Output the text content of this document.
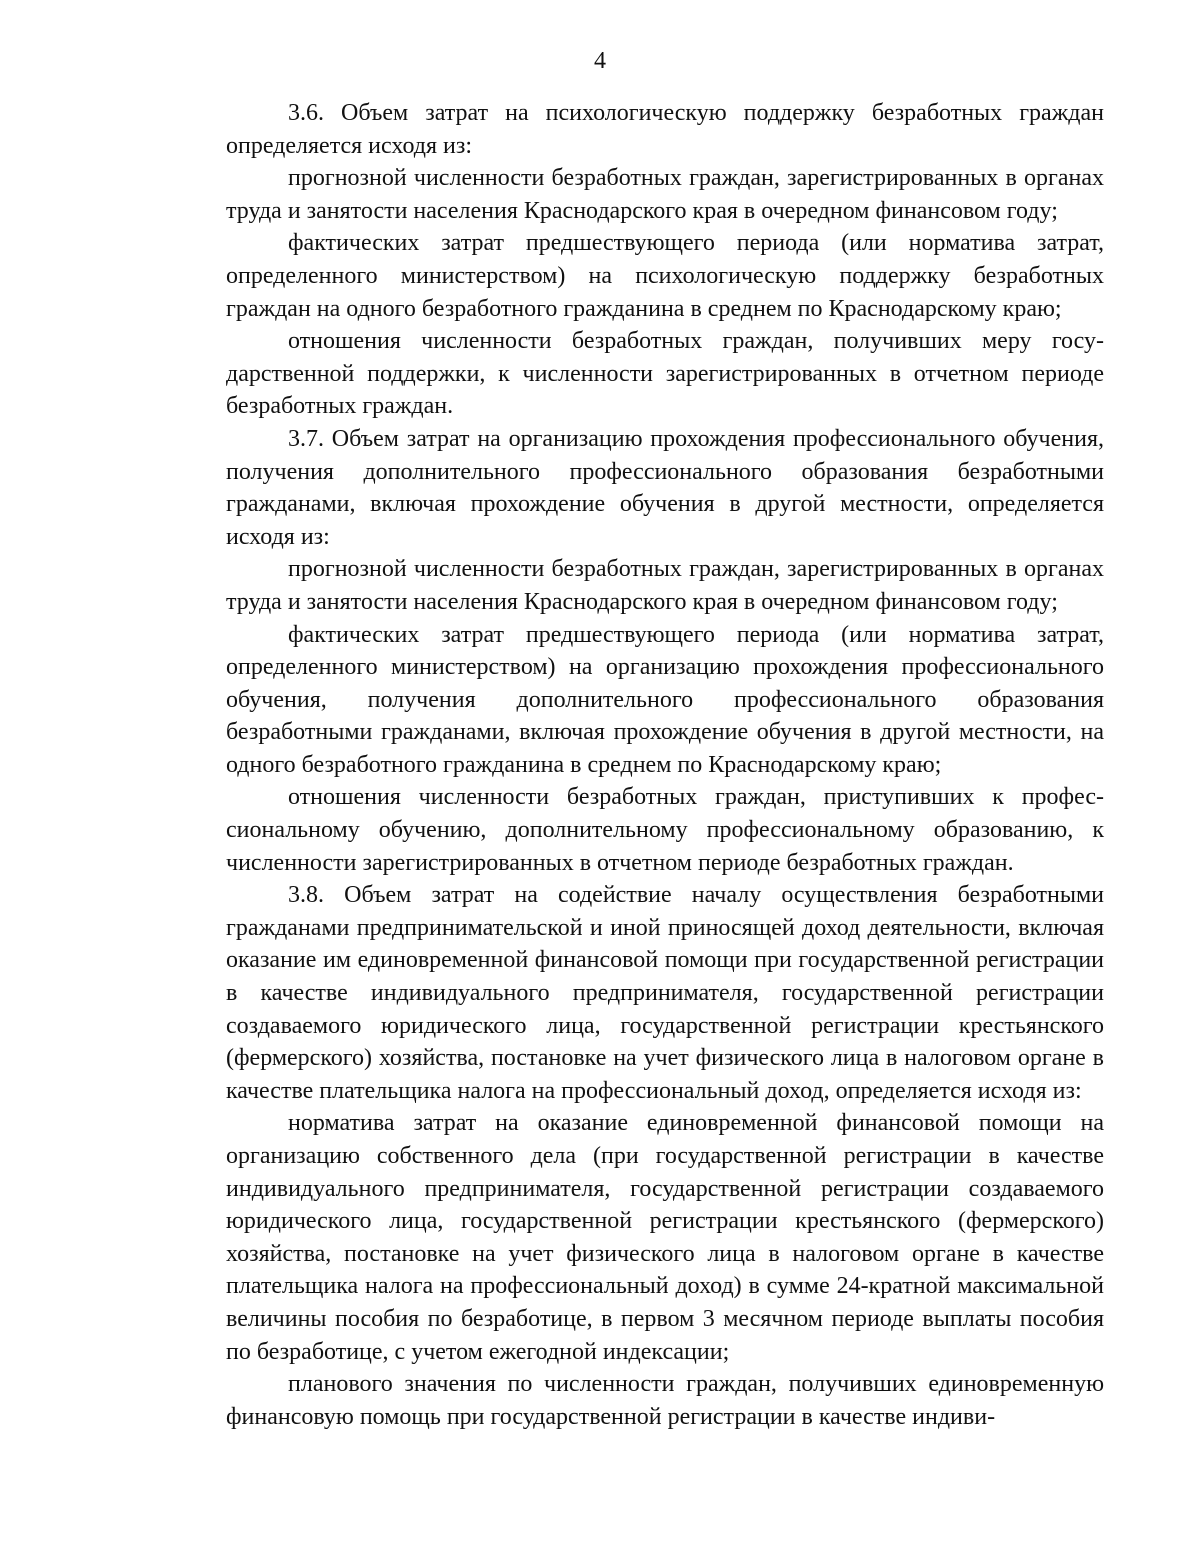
4

3.6. Объем затрат на психологическую поддержку безработных граждан определяется исходя из:

прогнозной численности безработных граждан, зарегистрированных в органах труда и занятости населения Краснодарского края в очередном финансовом году;

фактических затрат предшествующего периода (или норматива затрат, определенного министерством) на психологическую поддержку безработных граждан на одного безработного гражданина в среднем по Краснодарскому краю;

отношения численности безработных граждан, получивших меру государственной поддержки, к численности зарегистрированных в отчетном периоде безработных граждан.

3.7. Объем затрат на организацию прохождения профессионального обучения, получения дополнительного профессионального образования безработными гражданами, включая прохождение обучения в другой местности, определяется исходя из:

прогнозной численности безработных граждан, зарегистрированных в органах труда и занятости населения Краснодарского края в очередном финансовом году;

фактических затрат предшествующего периода (или норматива затрат, определенного министерством) на организацию прохождения профессионального обучения, получения дополнительного профессионального образования безработными гражданами, включая прохождение обучения в другой местности, на одного безработного гражданина в среднем по Краснодарскому краю;

отношения численности безработных граждан, приступивших к профессиональному обучению, дополнительному профессиональному образованию, к численности зарегистрированных в отчетном периоде безработных граждан.

3.8. Объем затрат на содействие началу осуществления безработными гражданами предпринимательской и иной приносящей доход деятельности, включая оказание им единовременной финансовой помощи при государственной регистрации в качестве индивидуального предпринимателя, государственной регистрации создаваемого юридического лица, государственной регистрации крестьянского (фермерского) хозяйства, постановке на учет физического лица в налоговом органе в качестве плательщика налога на профессиональный доход, определяется исходя из:

норматива затрат на оказание единовременной финансовой помощи на организацию собственного дела (при государственной регистрации в качестве индивидуального предпринимателя, государственной регистрации создаваемого юридического лица, государственной регистрации крестьянского (фермерского) хозяйства, постановке на учет физического лица в налоговом органе в качестве плательщика налога на профессиональный доход) в сумме 24-кратной максимальной величины пособия по безработице, в первом 3 месячном периоде выплаты пособия по безработице, с учетом ежегодной индексации;

планового значения по численности граждан, получивших единовременную финансовую помощь при государственной регистрации в качестве индиви-
